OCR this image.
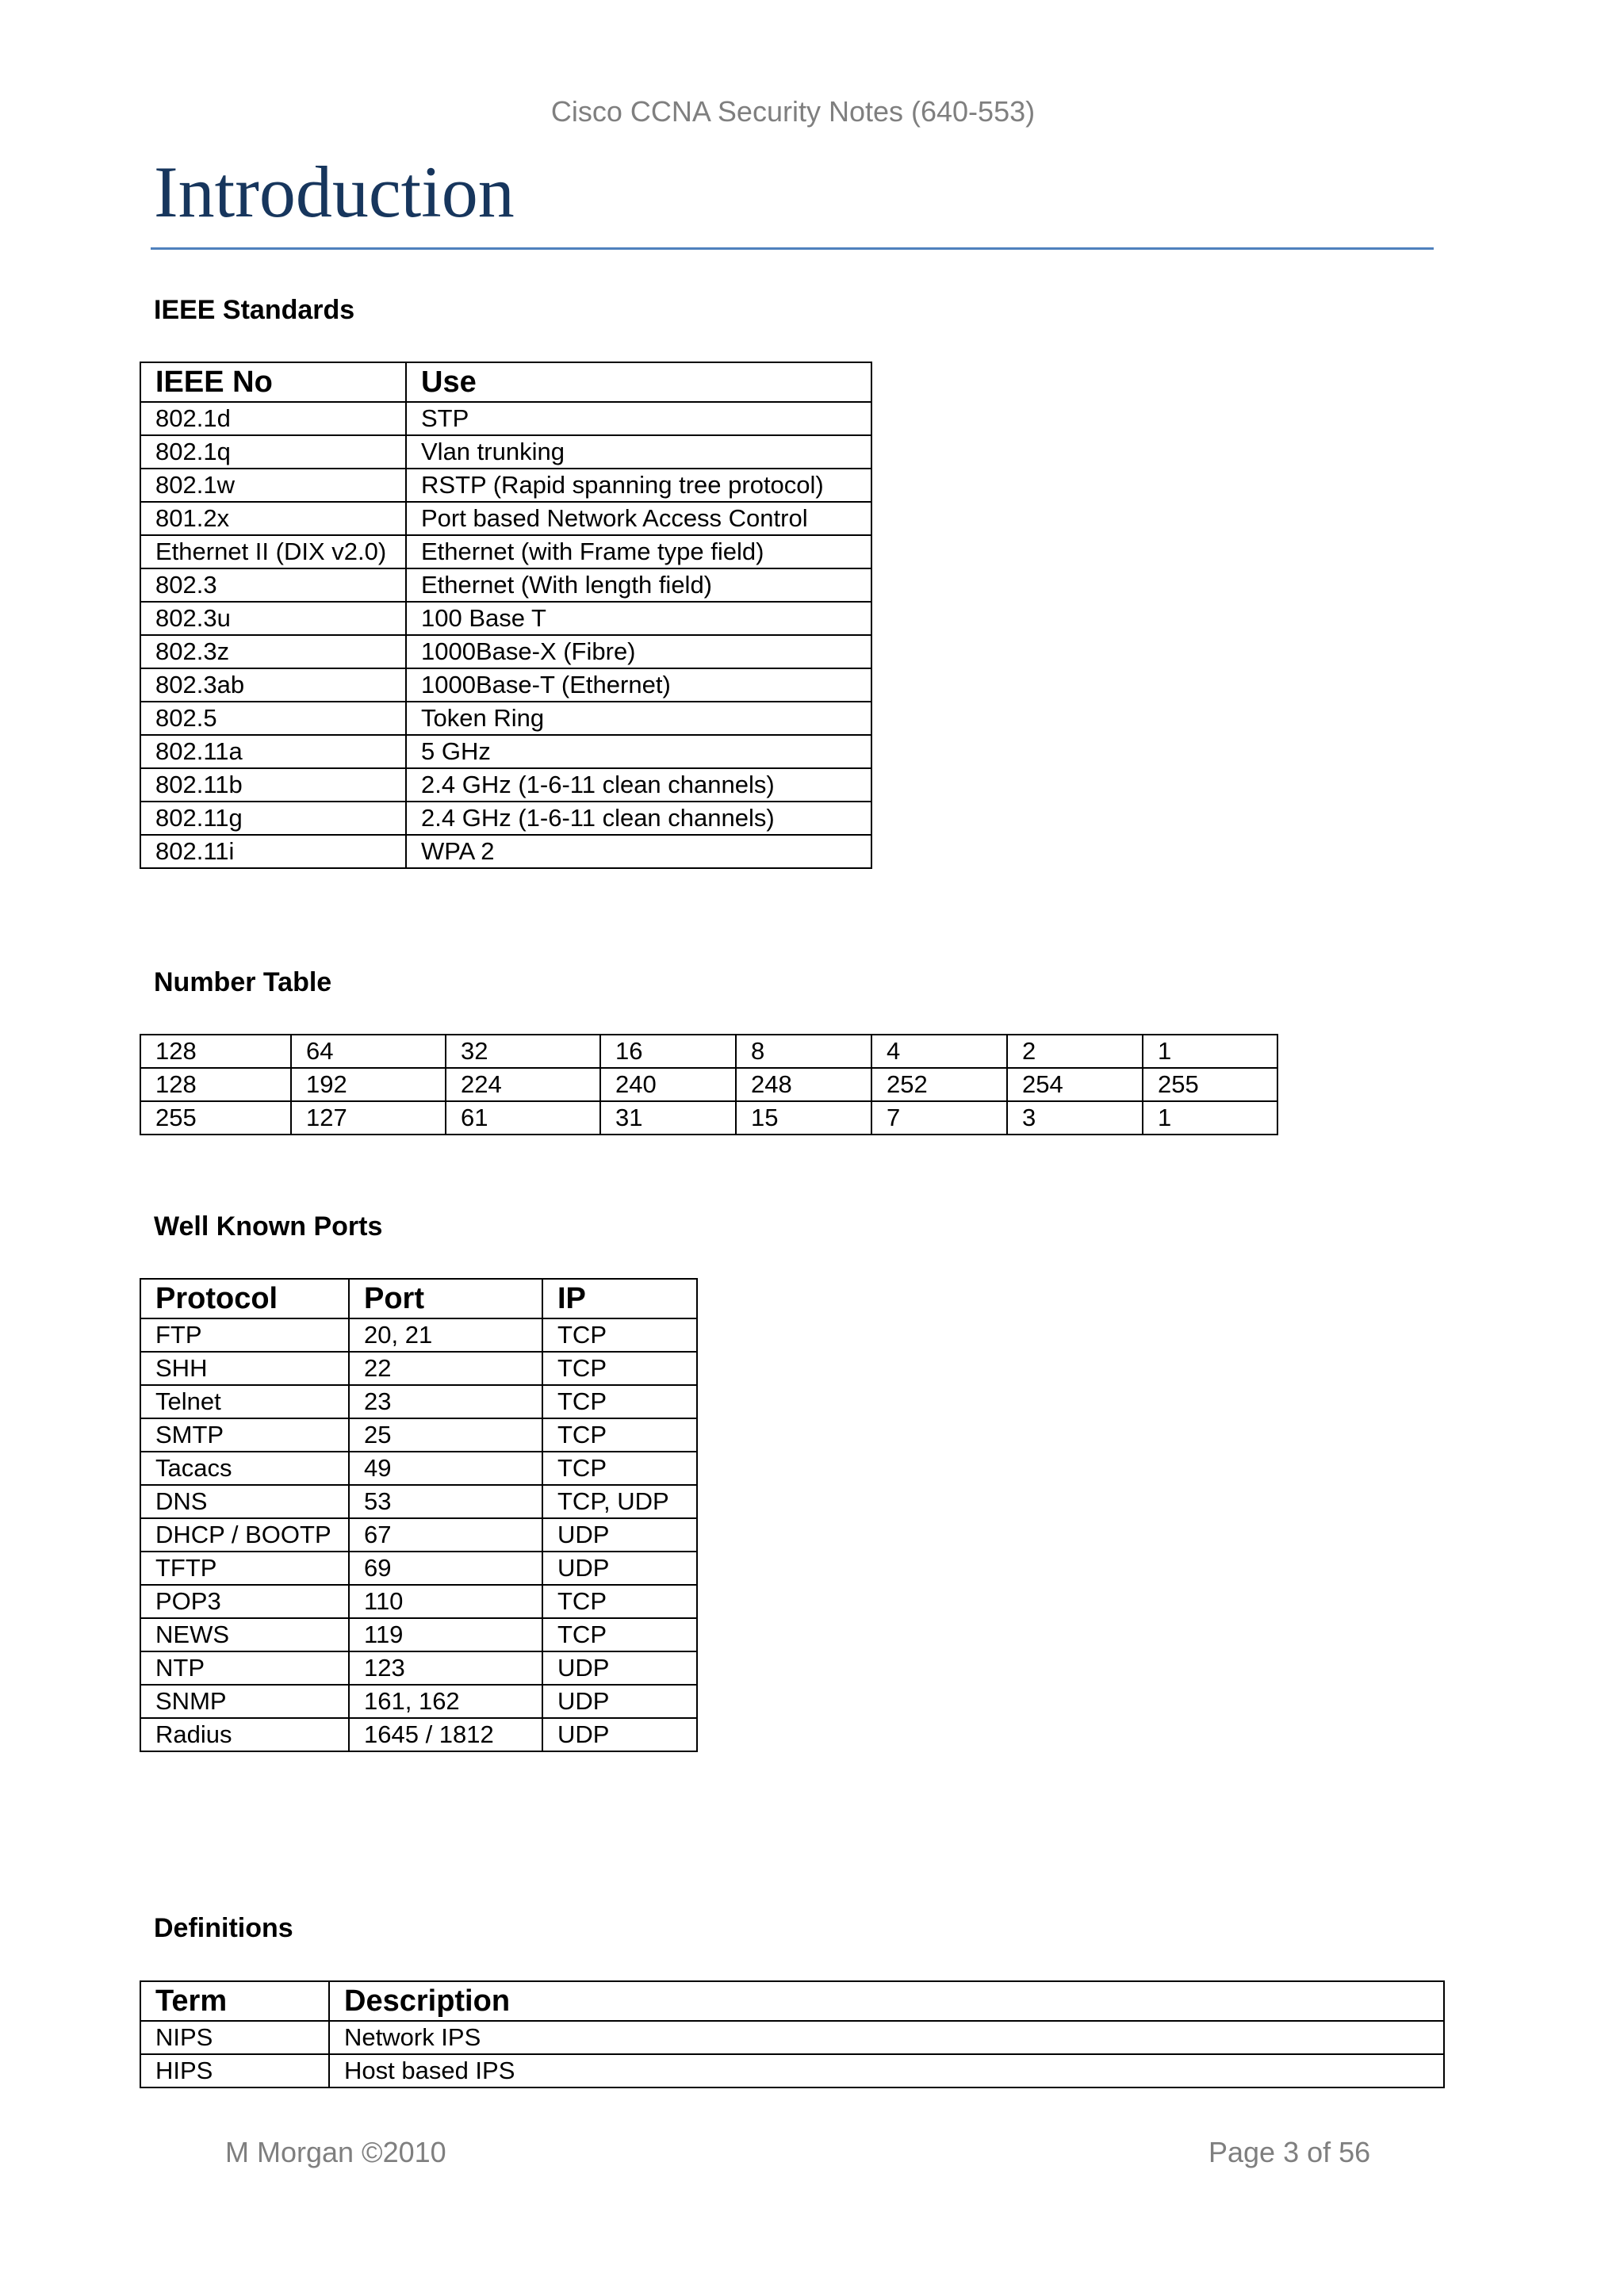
Cisco CCNA Security Notes (640-553)
Introduction
IEEE Standards
IEEE No	Use
802.1d	STP
802.1q	Vlan trunking
802.1w	RSTP (Rapid spanning tree protocol)
801.2x	Port based Network Access Control
Ethernet II (DIX v2.0)	Ethernet (with Frame type field)
802.3	Ethernet (With length field)
802.3u	100 Base T
802.3z	1000Base-X (Fibre)
802.3ab	1000Base-T (Ethernet)
802.5	Token Ring
802.11a	5 GHz
802.11b	2.4 GHz (1-6-11 clean channels)
802.11g	2.4 GHz (1-6-11 clean channels)
802.11i	WPA 2
Number Table
128	64	32	16	8	4	2	1
128	192	224	240	248	252	254	255
255	127	61	31	15	7	3	1
Well Known Ports
Protocol	Port	IP
FTP	20, 21	TCP
SHH	22	TCP
Telnet	23	TCP
SMTP	25	TCP
Tacacs	49	TCP
DNS	53	TCP, UDP
DHCP / BOOTP	67	UDP
TFTP	69	UDP
POP3	110	TCP
NEWS	119	TCP
NTP	123	UDP
SNMP	161, 162	UDP
Radius	1645 / 1812	UDP
Definitions
Term	Description
NIPS	Network IPS
HIPS	Host based IPS
M Morgan ©2010	Page 3 of 56
